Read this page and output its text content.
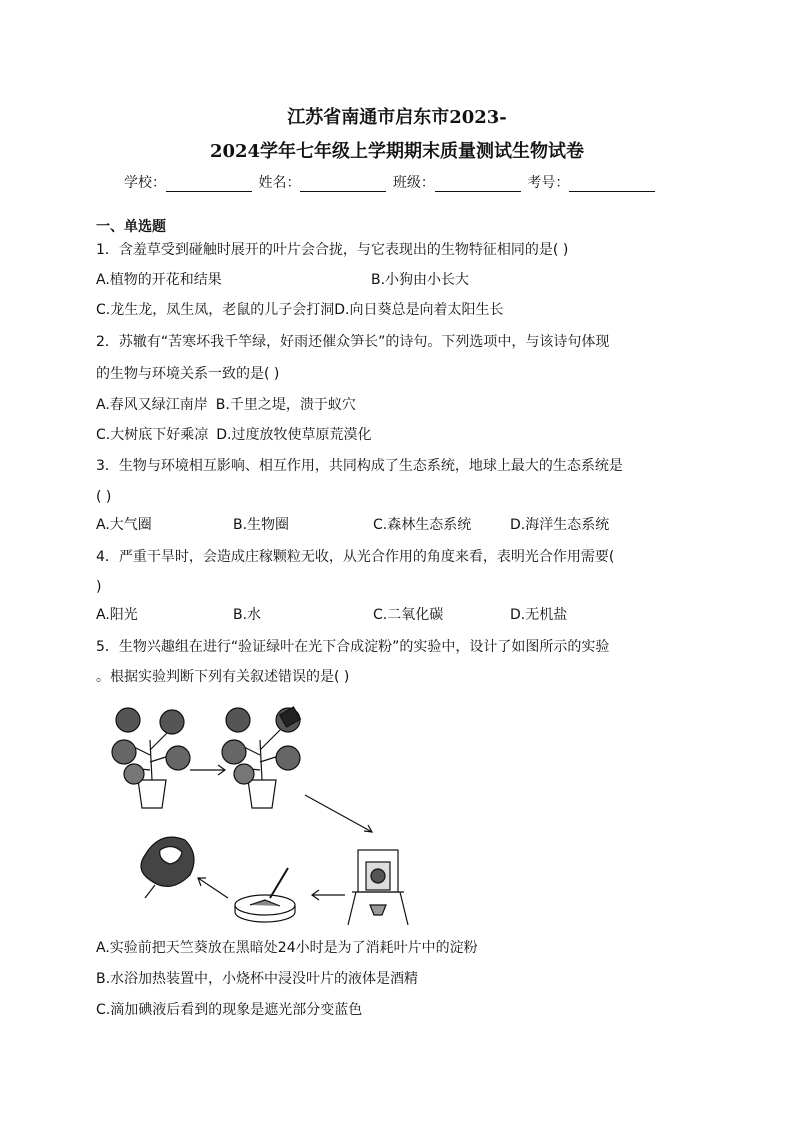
江苏省南通市启东市2023-
2024学年七年级上学期期末质量测试生物试卷
学校：	姓名：	班级：	考号：
一、单选题
1．含羞草受到碰触时展开的叶片会合拢，与它表现出的生物特征相同的是( )
A.植物的开花和结果	B.小狗由小长大
C.龙生龙，凤生凤，老鼠的儿子会打洞D.向日葵总是向着太阳生长
2．苏辙有“苦寒坏我千竿绿，好雨还催众笋长”的诗句。下列选项中，与该诗句体现
的生物与环境关系一致的是( )
A.春风又绿江南岸 B.千里之堤，溃于蚁穴
C.大树底下好乘凉 D.过度放牧使草原荒漠化
3．生物与环境相互影响、相互作用，共同构成了生态系统，地球上最大的生态系统是
( )
A.大气圈	B.生物圈	C.森林生态系统	D.海洋生态系统
4．严重干旱时，会造成庄稼颗粒无收，从光合作用的角度来看，表明光合作用需要(
)
A.阳光	B.水	C.二氧化碳	D.无机盐
5．生物兴趣组在进行“验证绿叶在光下合成淀粉”的实验中，设计了如图所示的实验
。根据实验判断下列有关叙述错误的是( )
A.实验前把天竺葵放在黑暗处24小时是为了消耗叶片中的淀粉
B.水浴加热装置中，小烧杯中浸没叶片的液体是酒精
C.滴加碘液后看到的现象是遮光部分变蓝色
